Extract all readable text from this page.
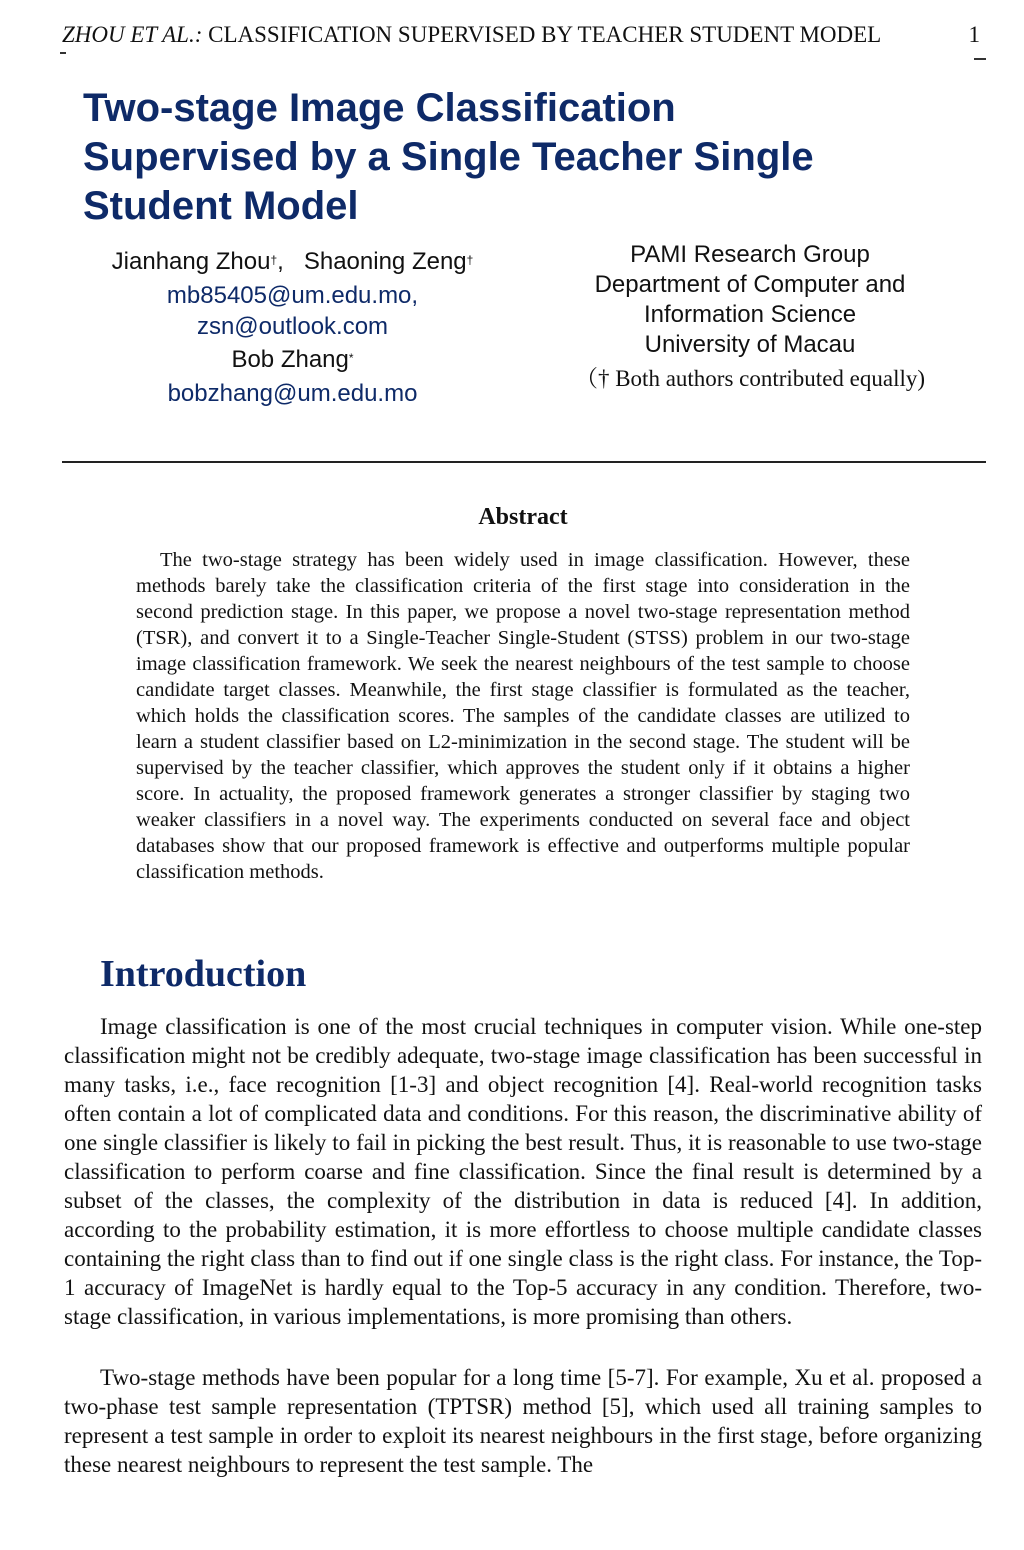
ZHOU ET AL.: CLASSIFICATION SUPERVISED BY TEACHER STUDENT MODEL	1
Two-stage Image Classification
Supervised by a Single Teacher Single
Student Model
Jianhang Zhou†, Shaoning Zeng†
mb85405@um.edu.mo,
zsn@outlook.com
Bob Zhang*
bobzhang@um.edu.mo
PAMI Research Group
Department of Computer and
Information Science
University of Macau
（† Both authors contributed equally)
Abstract

The two-stage strategy has been widely used in image classification. However, these methods barely take the classification criteria of the first stage into consideration in the second prediction stage. In this paper, we propose a novel two-stage representation method (TSR), and convert it to a Single-Teacher Single-Student (STSS) problem in our two-stage image classification framework. We seek the nearest neighbours of the test sample to choose candidate target classes. Meanwhile, the first stage classifier is formulated as the teacher, which holds the classification scores. The samples of the candidate classes are utilized to learn a student classifier based on L2-minimization in the second stage. The student will be supervised by the teacher classifier, which approves the student only if it obtains a higher score. In actuality, the proposed framework generates a stronger classifier by staging two weaker classifiers in a novel way. The experiments conducted on several face and object databases show that our proposed framework is effective and outperforms multiple popular classification methods.

Introduction

Image classification is one of the most crucial techniques in computer vision. While one-step classification might not be credibly adequate, two-stage image classification has been successful in many tasks, i.e., face recognition [1-3] and object recognition [4]. Real-world recognition tasks often contain a lot of complicated data and conditions. For this reason, the discriminative ability of one single classifier is likely to fail in picking the best result. Thus, it is reasonable to use two-stage classification to perform coarse and fine classification. Since the final result is determined by a subset of the classes, the complexity of the distribution in data is reduced [4]. In addition, according to the probability estimation, it is more effortless to choose multiple candidate classes containing the right class than to find out if one single class is the right class. For instance, the Top-1 accuracy of ImageNet is hardly equal to the Top-5 accuracy in any condition. Therefore, two-stage classification, in various implementations, is more promising than others.

Two-stage methods have been popular for a long time [5-7]. For example, Xu et al. proposed a two-phase test sample representation (TPTSR) method [5], which used all training samples to represent a test sample in order to exploit its nearest neighbours in the first stage, before organizing these nearest neighbours to represent the test sample. The
